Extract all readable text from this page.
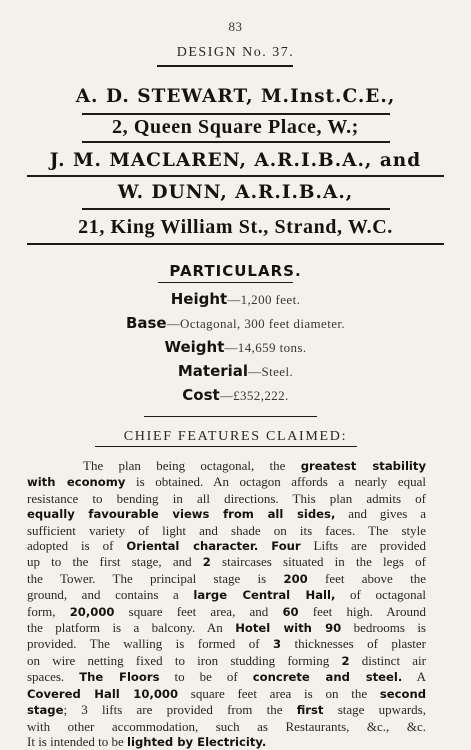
83
DESIGN No. 37.
A. D. STEWART, M.Inst.C.E.,
2, Queen Square Place, W.;
J. M. MACLAREN, A.R.I.B.A., and
W. DUNN, A.R.I.B.A.,
21, King William St., Strand, W.C.
PARTICULARS.
Height—1,200 feet.
Base—Octagonal, 300 feet diameter.
Weight—14,659 tons.
Material—Steel.
Cost—£352,222.
CHIEF FEATURES CLAIMED:

The plan being octagonal, the greatest stability
with economy is obtained. An octagon affords a nearly equal
resistance to bending in all directions. This plan admits of
equally favourable views from all sides, and gives a
sufficient variety of light and shade on its faces. The style
adopted is of Oriental character. Four Lifts are provided
up to the first stage, and 2 staircases situated in the legs of
the Tower. The principal stage is 200 feet above the
ground, and contains a large Central Hall, of octagonal
form, 20,000 square feet area, and 60 feet high. Around
the platform is a balcony. An Hotel with 90 bedrooms is
provided. The walling is formed of 3 thicknesses of plaster
on wire netting fixed to iron studding forming 2 distinct air
spaces. The Floors to be of concrete and steel. A
Covered Hall 10,000 square feet area is on the second
stage; 3 lifts are provided from the first stage upwards,
with other accommodation, such as Restaurants, &c., &c.
It is intended to be lighted by Electricity.
